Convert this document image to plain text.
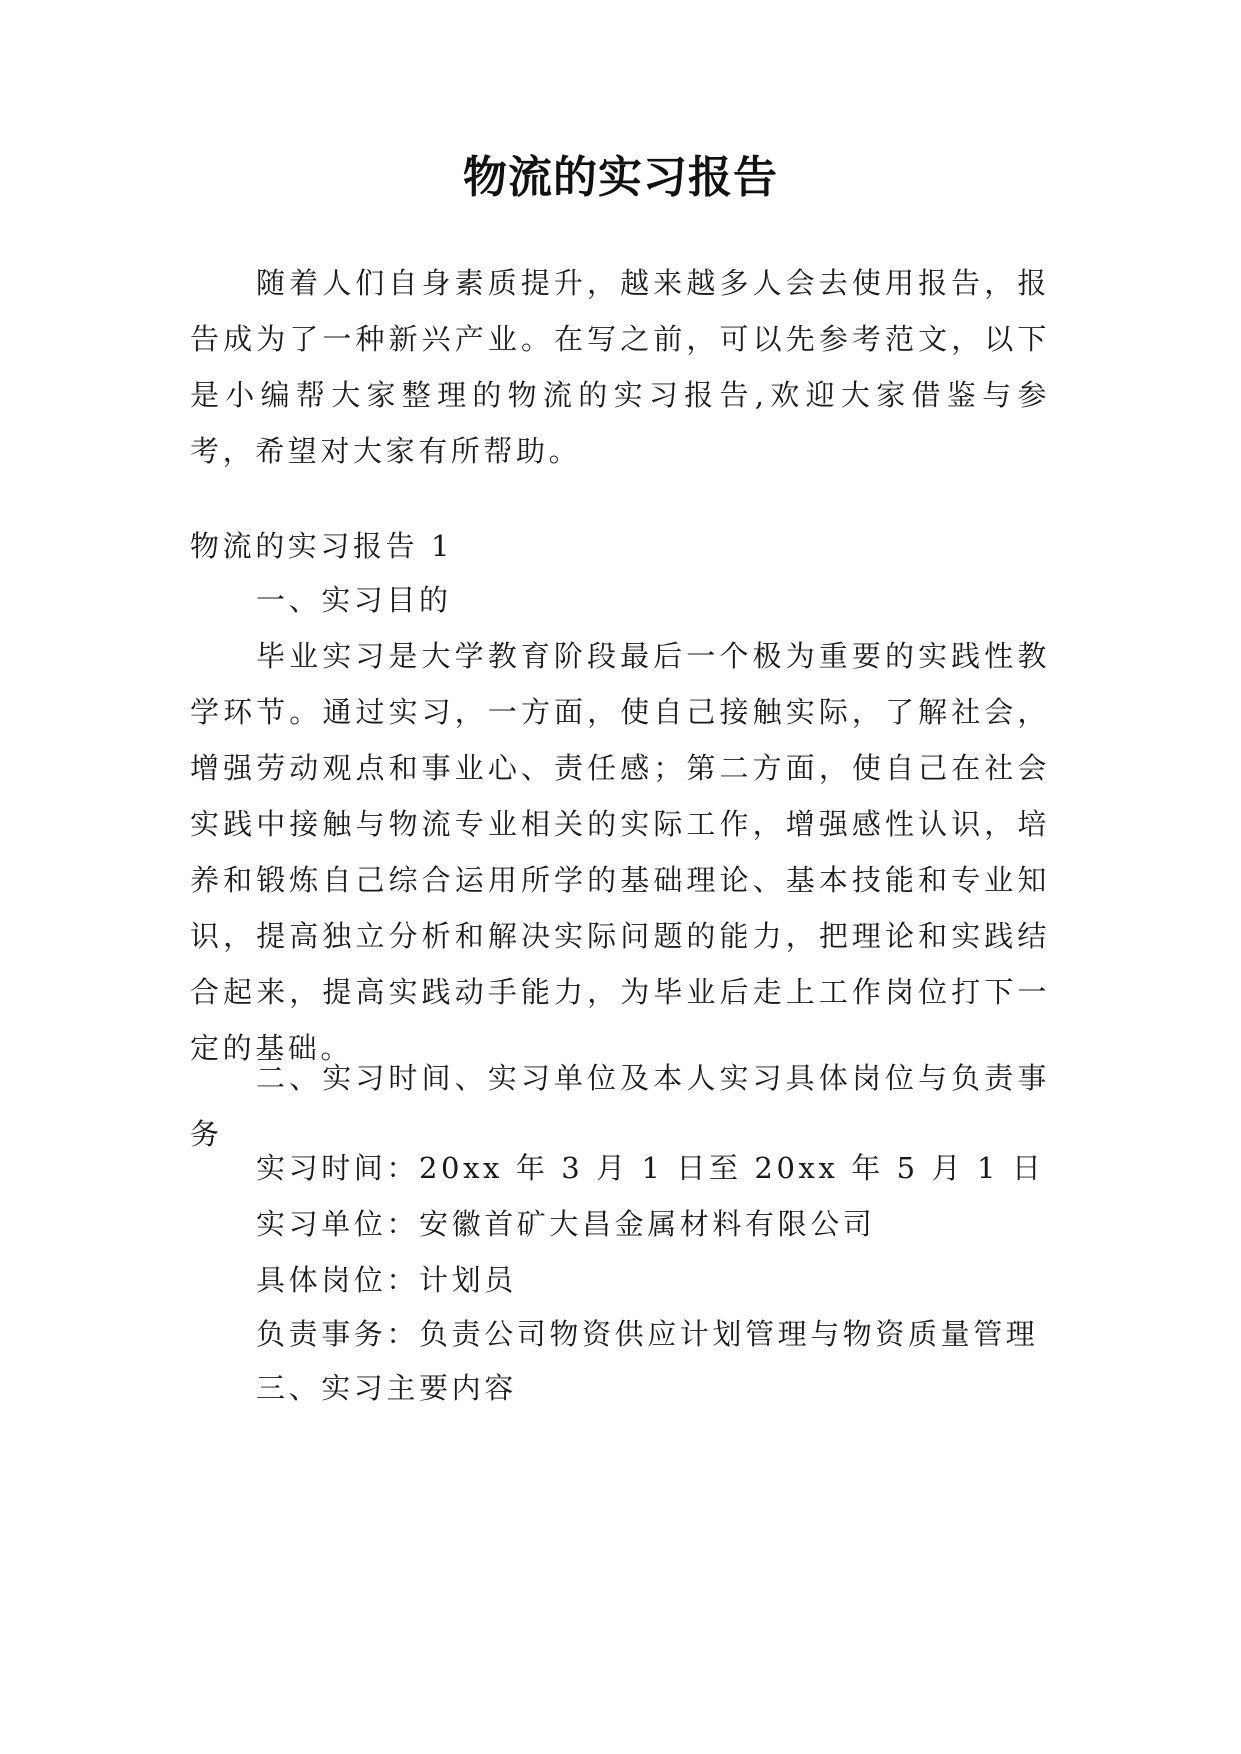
物流的实习报告

随着人们自身素质提升，越来越多人会去使用报告，报告成为了一种新兴产业。在写之前，可以先参考范文，以下是小编帮大家整理的物流的实习报告,欢迎大家借鉴与参考，希望对大家有所帮助。

物流的实习报告 1

一、实习目的

毕业实习是大学教育阶段最后一个极为重要的实践性教学环节。通过实习，一方面，使自己接触实际，了解社会，增强劳动观点和事业心、责任感；第二方面，使自己在社会实践中接触与物流专业相关的实际工作，增强感性认识，培养和锻炼自己综合运用所学的基础理论、基本技能和专业知识，提高独立分析和解决实际问题的能力，把理论和实践结合起来，提高实践动手能力，为毕业后走上工作岗位打下一定的基础。

二、实习时间、实习单位及本人实习具体岗位与负责事务

实习时间：20xx 年 3 月 1 日至 20xx 年 5 月 1 日

实习单位：安徽首矿大昌金属材料有限公司

具体岗位：计划员

负责事务：负责公司物资供应计划管理与物资质量管理

三、实习主要内容
